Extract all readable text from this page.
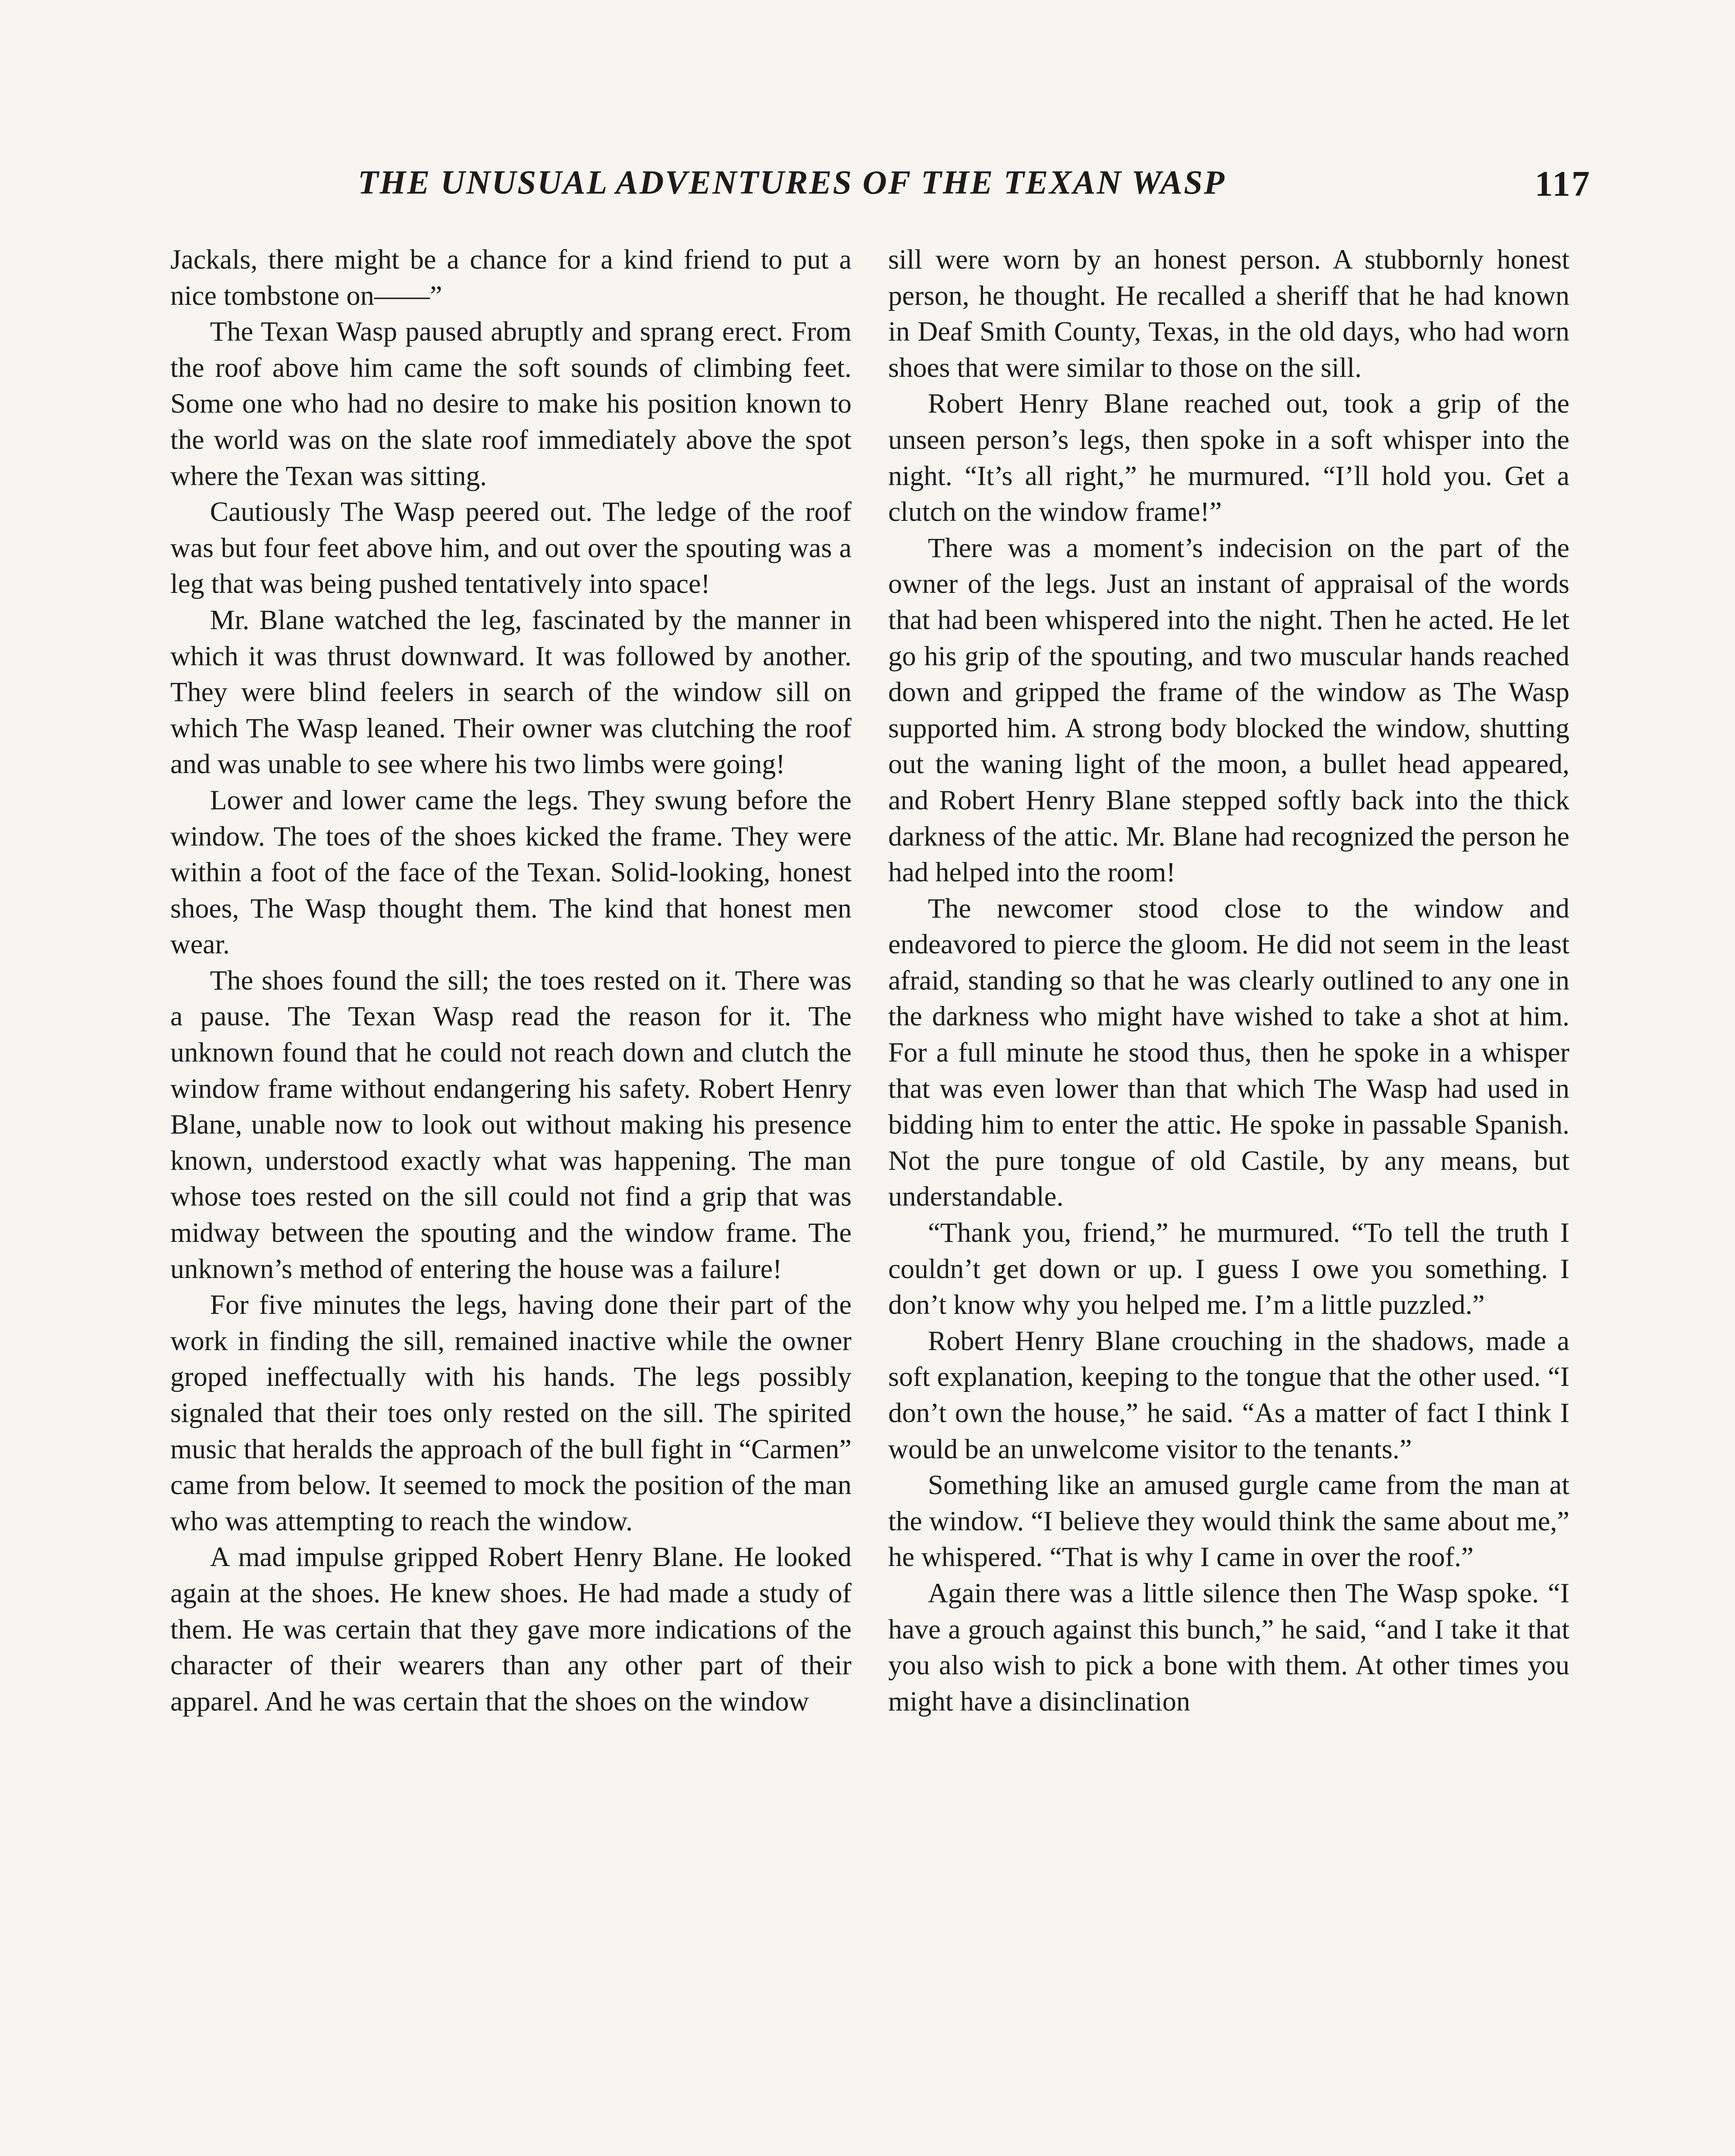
THE UNUSUAL ADVENTURES OF THE TEXAN WASP	117

Jackals, there might be a chance for a kind friend to put a nice tombstone on——”

The Texan Wasp paused abruptly and sprang erect. From the roof above him came the soft sounds of climbing feet. Some one who had no desire to make his position known to the world was on the slate roof immediately above the spot where the Texan was sitting.

Cautiously The Wasp peered out. The ledge of the roof was but four feet above him, and out over the spouting was a leg that was being pushed tentatively into space!

Mr. Blane watched the leg, fascinated by the manner in which it was thrust downward. It was followed by another. They were blind feelers in search of the window sill on which The Wasp leaned. Their owner was clutching the roof and was unable to see where his two limbs were going!

Lower and lower came the legs. They swung before the window. The toes of the shoes kicked the frame. They were within a foot of the face of the Texan. Solid-looking, honest shoes, The Wasp thought them. The kind that honest men wear.

The shoes found the sill; the toes rested on it. There was a pause. The Texan Wasp read the reason for it. The unknown found that he could not reach down and clutch the window frame without endangering his safety. Robert Henry Blane, unable now to look out without making his presence known, understood exactly what was happening. The man whose toes rested on the sill could not find a grip that was midway between the spouting and the window frame. The unknown’s method of entering the house was a failure!

For five minutes the legs, having done their part of the work in finding the sill, remained inactive while the owner groped ineffectually with his hands. The legs possibly signaled that their toes only rested on the sill. The spirited music that heralds the approach of the bull fight in “Carmen” came from below. It seemed to mock the position of the man who was attempting to reach the window.

A mad impulse gripped Robert Henry Blane. He looked again at the shoes. He knew shoes. He had made a study of them. He was certain that they gave more indications of the character of their wearers than any other part of their apparel. And he was certain that the shoes on the window

sill were worn by an honest person. A stubbornly honest person, he thought. He recalled a sheriff that he had known in Deaf Smith County, Texas, in the old days, who had worn shoes that were similar to those on the sill.

Robert Henry Blane reached out, took a grip of the unseen person’s legs, then spoke in a soft whisper into the night. “It’s all right,” he murmured. “I’ll hold you. Get a clutch on the window frame!”

There was a moment’s indecision on the part of the owner of the legs. Just an instant of appraisal of the words that had been whispered into the night. Then he acted. He let go his grip of the spouting, and two muscular hands reached down and gripped the frame of the window as The Wasp supported him. A strong body blocked the window, shutting out the waning light of the moon, a bullet head appeared, and Robert Henry Blane stepped softly back into the thick darkness of the attic. Mr. Blane had recognized the person he had helped into the room!

The newcomer stood close to the window and endeavored to pierce the gloom. He did not seem in the least afraid, standing so that he was clearly outlined to any one in the darkness who might have wished to take a shot at him. For a full minute he stood thus, then he spoke in a whisper that was even lower than that which The Wasp had used in bidding him to enter the attic. He spoke in passable Spanish. Not the pure tongue of old Castile, by any means, but understandable.

“Thank you, friend,” he murmured. “To tell the truth I couldn’t get down or up. I guess I owe you something. I don’t know why you helped me. I’m a little puzzled.”

Robert Henry Blane crouching in the shadows, made a soft explanation, keeping to the tongue that the other used. “I don’t own the house,” he said. “As a matter of fact I think I would be an unwelcome visitor to the tenants.”

Something like an amused gurgle came from the man at the window. “I believe they would think the same about me,” he whispered. “That is why I came in over the roof.”

Again there was a little silence then The Wasp spoke. “I have a grouch against this bunch,” he said, “and I take it that you also wish to pick a bone with them. At other times you might have a disinclination
